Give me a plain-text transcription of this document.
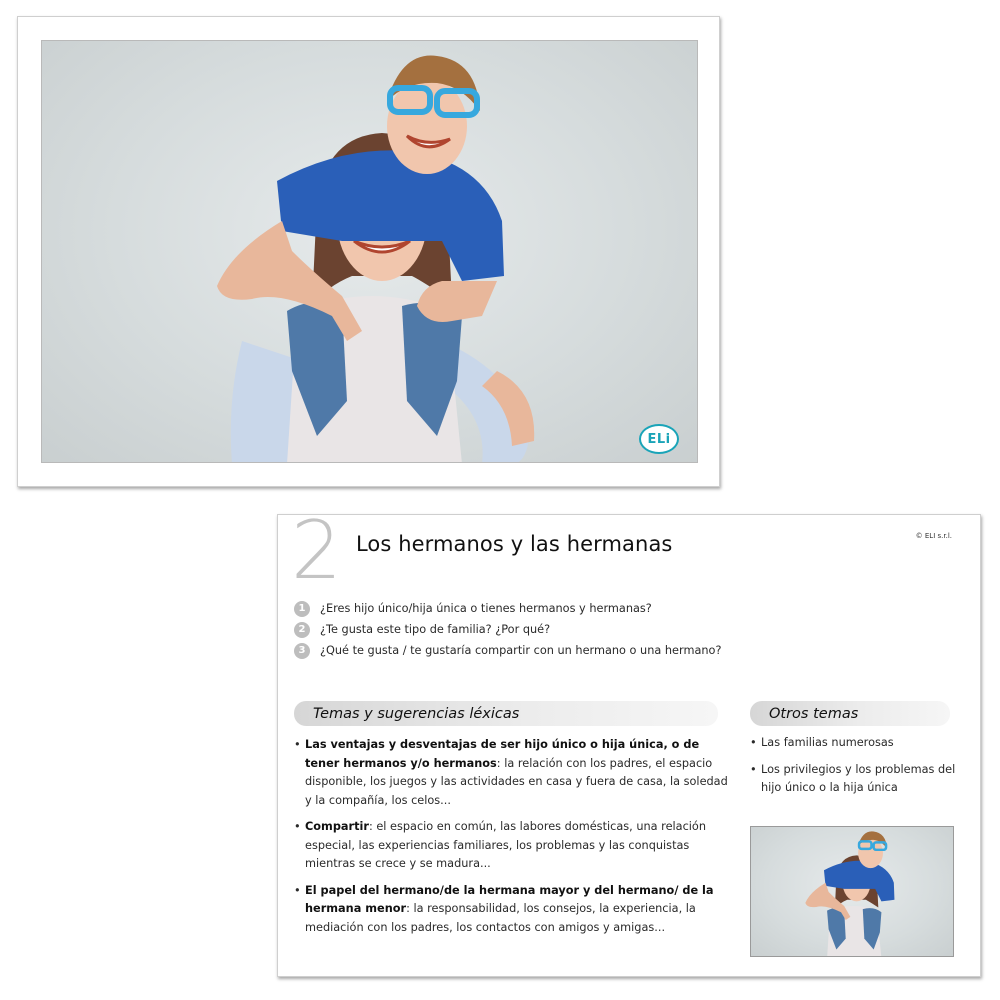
ELi
2 Los hermanos y las hermanas	© ELI s.r.l.
1	¿Eres hijo único/hija única o tienes hermanos y hermanas?
2	¿Te gusta este tipo de familia? ¿Por qué?
3	¿Qué te gusta / te gustaría compartir con un hermano o una hermano?
Temas y sugerencias léxicas
• Las ventajas y desventajas de ser hijo único o hija única, o de tener hermanos y/o hermanos: la relación con los padres, el espacio disponible, los juegos y las actividades en casa y fuera de casa, la soledad y la compañía, los celos...
• Compartir: el espacio en común, las labores domésticas, una relación especial, las experiencias familiares, los problemas y las conquistas mientras se crece y se madura...
• El papel del hermano/de la hermana mayor y del hermano/ de la hermana menor: la responsabilidad, los consejos, la experiencia, la mediación con los padres, los contactos con amigos y amigas...
Otros temas
• Las familias numerosas
• Los privilegios y los problemas del hijo único o la hija única
